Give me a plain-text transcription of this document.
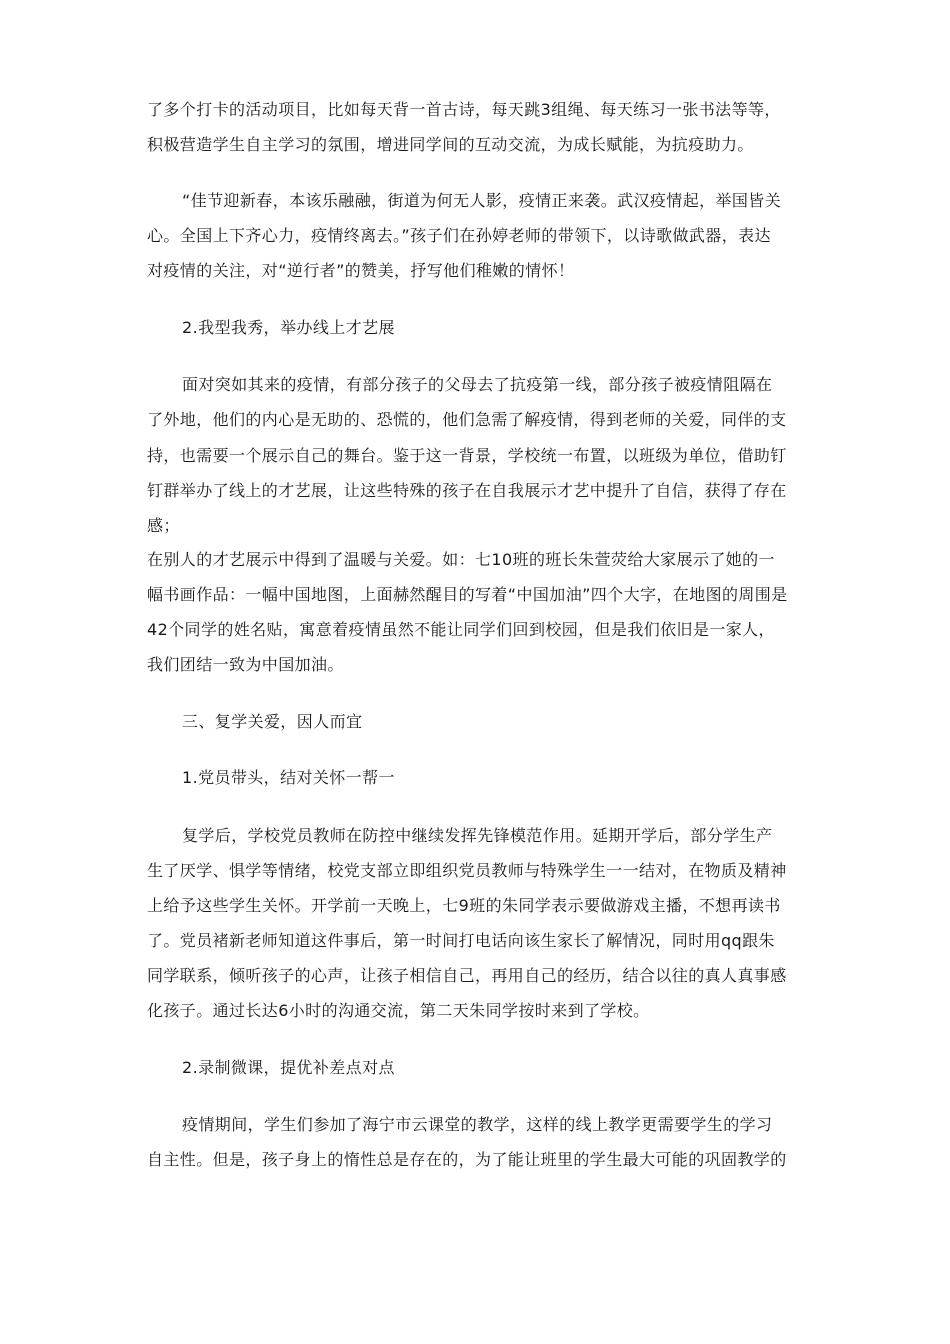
了多个打卡的活动项目，比如每天背一首古诗，每天跳3组绳、每天练习一张书法等等，
积极营造学生自主学习的氛围，增进同学间的互动交流，为成长赋能，为抗疫助力。
“佳节迎新春，本该乐融融，街道为何无人影，疫情正来袭。武汉疫情起，举国皆关
心。全国上下齐心力，疫情终离去。”孩子们在孙婷老师的带领下，以诗歌做武器，表达
对疫情的关注，对“逆行者”的赞美，抒写他们稚嫩的情怀！
2.我型我秀，举办线上才艺展
面对突如其来的疫情，有部分孩子的父母去了抗疫第一线，部分孩子被疫情阻隔在
了外地，他们的内心是无助的、恐慌的，他们急需了解疫情，得到老师的关爱，同伴的支
持，也需要一个展示自己的舞台。鉴于这一背景，学校统一布置，以班级为单位，借助钉
钉群举办了线上的才艺展，让这些特殊的孩子在自我展示才艺中提升了自信，获得了存在
感；
在别人的才艺展示中得到了温暖与关爱。如：七10班的班长朱萱荧给大家展示了她的一
幅书画作品：一幅中国地图，上面赫然醒目的写着“中国加油”四个大字，在地图的周围是
42个同学的姓名贴，寓意着疫情虽然不能让同学们回到校园，但是我们依旧是一家人，
我们团结一致为中国加油。
三、复学关爱，因人而宜
1.党员带头，结对关怀一帮一
复学后，学校党员教师在防控中继续发挥先锋模范作用。延期开学后，部分学生产
生了厌学、惧学等情绪，校党支部立即组织党员教师与特殊学生一一结对，在物质及精神
上给予这些学生关怀。开学前一天晚上，七9班的朱同学表示要做游戏主播，不想再读书
了。党员褚新老师知道这件事后，第一时间打电话向该生家长了解情况，同时用qq跟朱
同学联系，倾听孩子的心声，让孩子相信自己，再用自己的经历，结合以往的真人真事感
化孩子。通过长达6小时的沟通交流，第二天朱同学按时来到了学校。
2.录制微课，提优补差点对点
疫情期间，学生们参加了海宁市云课堂的教学，这样的线上教学更需要学生的学习
自主性。但是，孩子身上的惰性总是存在的，为了能让班里的学生最大可能的巩固教学的
